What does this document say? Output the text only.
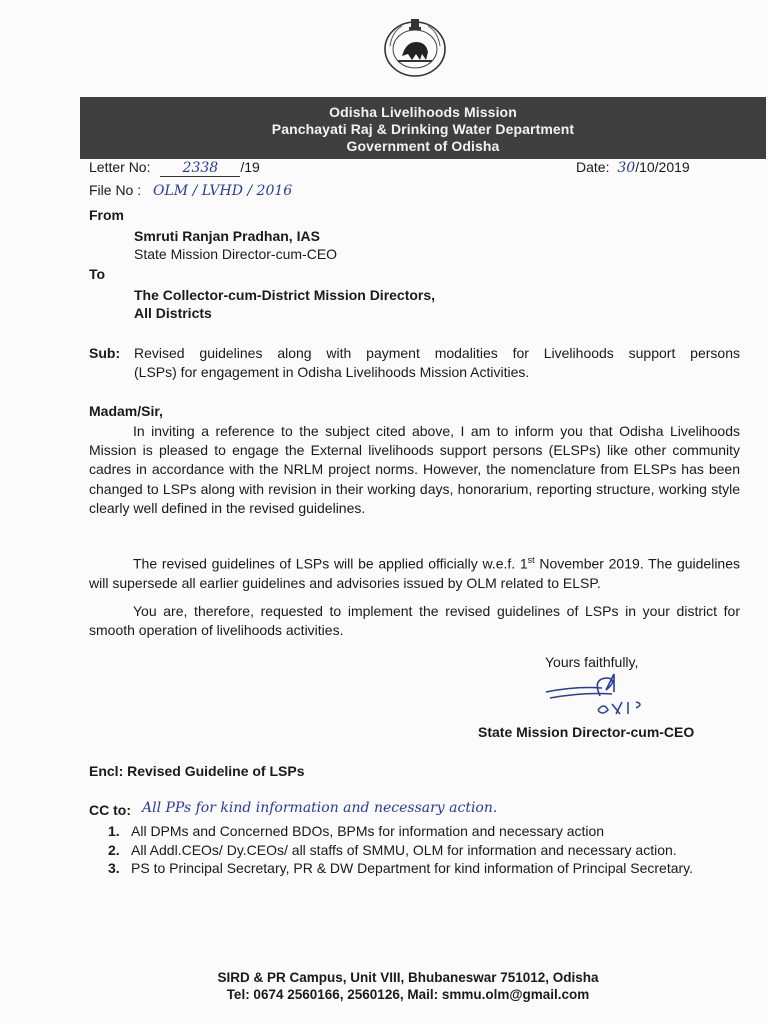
Odisha Livelihoods Mission
Panchayati Raj & Drinking Water Department
Government of Odisha
Letter No: 2338 /19	Date: 30/10/2019
File No : OLM / LVHD / 2016
From
Smruti Ranjan Pradhan, IAS
State Mission Director-cum-CEO
To
The Collector-cum-District Mission Directors,
All Districts
Sub: Revised guidelines along with payment modalities for Livelihoods support persons
(LSPs) for engagement in Odisha Livelihoods Mission Activities.
Madam/Sir,
In inviting a reference to the subject cited above, I am to inform you that Odisha Livelihoods Mission is pleased to engage the External livelihoods support persons (ELSPs) like other community cadres in accordance with the NRLM project norms. However, the nomenclature from ELSPs has been changed to LSPs along with revision in their working days, honorarium, reporting structure, working style clearly well defined in the revised guidelines.
The revised guidelines of LSPs will be applied officially w.e.f. 1st November 2019. The guidelines will supersede all earlier guidelines and advisories issued by OLM related to ELSP.
You are, therefore, requested to implement the revised guidelines of LSPs in your district for smooth operation of livelihoods activities.
Yours faithfully,
State Mission Director-cum-CEO
Encl: Revised Guideline of LSPs
CC to: All PPs for kind information and necessary action.
1. All DPMs and Concerned BDOs, BPMs for information and necessary action
2. All Addl.CEOs/ Dy.CEOs/ all staffs of SMMU, OLM for information and necessary action.
3. PS to Principal Secretary, PR & DW Department for kind information of Principal Secretary.
SIRD & PR Campus, Unit VIII, Bhubaneswar 751012, Odisha
Tel: 0674 2560166, 2560126, Mail: smmu.olm@gmail.com
